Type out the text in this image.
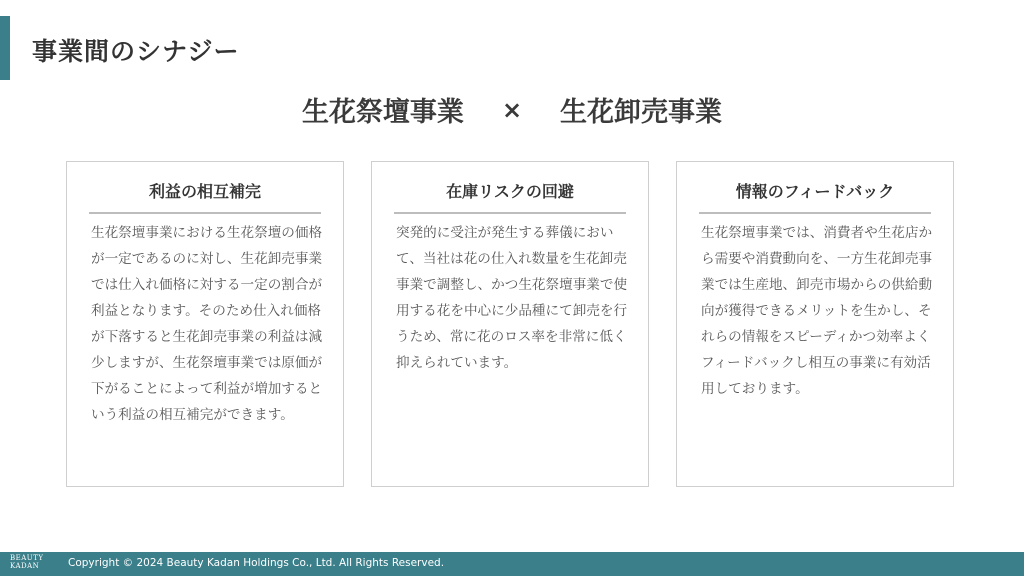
事業間のシナジー
生花祭壇事業 × 生花卸売事業
利益の相互補完
生花祭壇事業における生花祭壇の価格が一定であるのに対し、生花卸売事業では仕入れ価格に対する一定の割合が利益となります。そのため仕入れ価格が下落すると生花卸売事業の利益は減少しますが、生花祭壇事業では原価が下がることによって利益が増加するという利益の相互補完ができます。
在庫リスクの回避
突発的に受注が発生する葬儀において、当社は花の仕入れ数量を生花卸売事業で調整し、かつ生花祭壇事業で使用する花を中心に少品種にて卸売を行うため、常に花のロス率を非常に低く抑えられています。
情報のフィードバック
生花祭壇事業では、消費者や生花店から需要や消費動向を、一方生花卸売事業では生産地、卸売市場からの供給動向が獲得できるメリットを生かし、それらの情報をスピーディかつ効率よくフィードバックし相互の事業に有効活用しております。
BEAUTY
KADAN	Copyright © 2024 Beauty Kadan Holdings Co., Ltd. All Rights Reserved.
